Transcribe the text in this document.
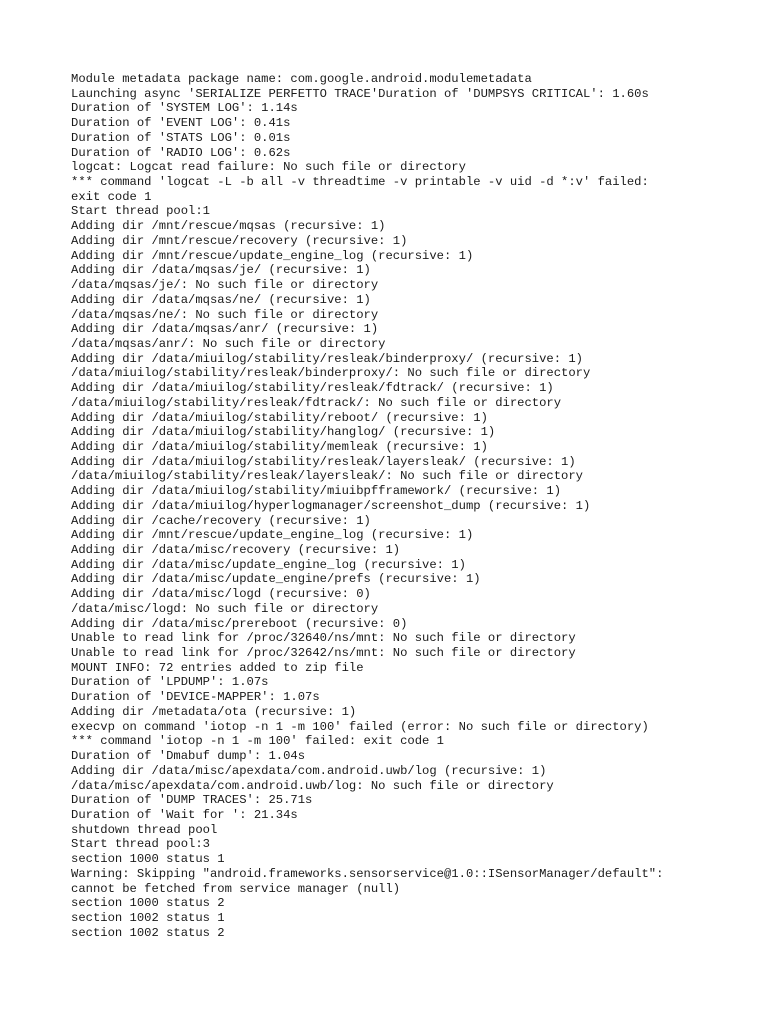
Module metadata package name: com.google.android.modulemetadata
Launching async 'SERIALIZE PERFETTO TRACE'Duration of 'DUMPSYS CRITICAL': 1.60s
Duration of 'SYSTEM LOG': 1.14s
Duration of 'EVENT LOG': 0.41s
Duration of 'STATS LOG': 0.01s
Duration of 'RADIO LOG': 0.62s
logcat: Logcat read failure: No such file or directory
*** command 'logcat -L -b all -v threadtime -v printable -v uid -d *:v' failed:
exit code 1
Start thread pool:1
Adding dir /mnt/rescue/mqsas (recursive: 1)
Adding dir /mnt/rescue/recovery (recursive: 1)
Adding dir /mnt/rescue/update_engine_log (recursive: 1)
Adding dir /data/mqsas/je/ (recursive: 1)
/data/mqsas/je/: No such file or directory
Adding dir /data/mqsas/ne/ (recursive: 1)
/data/mqsas/ne/: No such file or directory
Adding dir /data/mqsas/anr/ (recursive: 1)
/data/mqsas/anr/: No such file or directory
Adding dir /data/miuilog/stability/resleak/binderproxy/ (recursive: 1)
/data/miuilog/stability/resleak/binderproxy/: No such file or directory
Adding dir /data/miuilog/stability/resleak/fdtrack/ (recursive: 1)
/data/miuilog/stability/resleak/fdtrack/: No such file or directory
Adding dir /data/miuilog/stability/reboot/ (recursive: 1)
Adding dir /data/miuilog/stability/hanglog/ (recursive: 1)
Adding dir /data/miuilog/stability/memleak (recursive: 1)
Adding dir /data/miuilog/stability/resleak/layersleak/ (recursive: 1)
/data/miuilog/stability/resleak/layersleak/: No such file or directory
Adding dir /data/miuilog/stability/miuibpfframework/ (recursive: 1)
Adding dir /data/miuilog/hyperlogmanager/screenshot_dump (recursive: 1)
Adding dir /cache/recovery (recursive: 1)
Adding dir /mnt/rescue/update_engine_log (recursive: 1)
Adding dir /data/misc/recovery (recursive: 1)
Adding dir /data/misc/update_engine_log (recursive: 1)
Adding dir /data/misc/update_engine/prefs (recursive: 1)
Adding dir /data/misc/logd (recursive: 0)
/data/misc/logd: No such file or directory
Adding dir /data/misc/prereboot (recursive: 0)
Unable to read link for /proc/32640/ns/mnt: No such file or directory
Unable to read link for /proc/32642/ns/mnt: No such file or directory
MOUNT INFO: 72 entries added to zip file
Duration of 'LPDUMP': 1.07s
Duration of 'DEVICE-MAPPER': 1.07s
Adding dir /metadata/ota (recursive: 1)
execvp on command 'iotop -n 1 -m 100' failed (error: No such file or directory)
*** command 'iotop -n 1 -m 100' failed: exit code 1
Duration of 'Dmabuf dump': 1.04s
Adding dir /data/misc/apexdata/com.android.uwb/log (recursive: 1)
/data/misc/apexdata/com.android.uwb/log: No such file or directory
Duration of 'DUMP TRACES': 25.71s
Duration of 'Wait for ': 21.34s
shutdown thread pool
Start thread pool:3
section 1000 status 1
Warning: Skipping "android.frameworks.sensorservice@1.0::ISensorManager/default":
cannot be fetched from service manager (null)
section 1000 status 2
section 1002 status 1
section 1002 status 2
